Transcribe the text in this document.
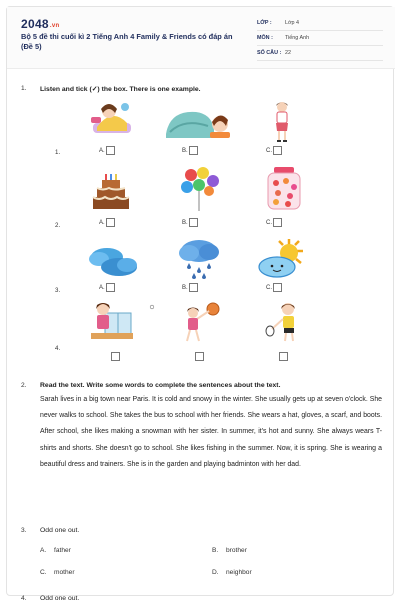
2048.vn
Bộ 5 đề thi cuối kì 2 Tiếng Anh 4 Family & Friends có đáp án (Đề 5)
LỚP :	Lớp 4
MÔN :	Tiếng Anh
SỐ CÂU : 22
1. Listen and tick (✓) the box. There is one example.
1.	A.	B.	C.
2.	A.	B.	C.
3.	A.	B.	C.
4.
2. Read the text. Write some words to complete the sentences about the text.
Sarah lives in a big town near Paris. It is cold and snowy in the winter. She usually gets up at seven o'clock. She never walks to school. She takes the bus to school with her friends. She wears a hat, gloves, a scarf, and boots. After school, she likes making a snowman with her sister. In summer, it's hot and sunny. She always wears T-shirts and shorts. She doesn't go to school. She likes fishing in the summer. Now, it is spring. She is wearing a beautiful dress and trainers. She is in the garden and playing badminton with her dad.
3. Odd one out.
A. father	B. brother
C. mother	D. neighbor
4. Odd one out.
